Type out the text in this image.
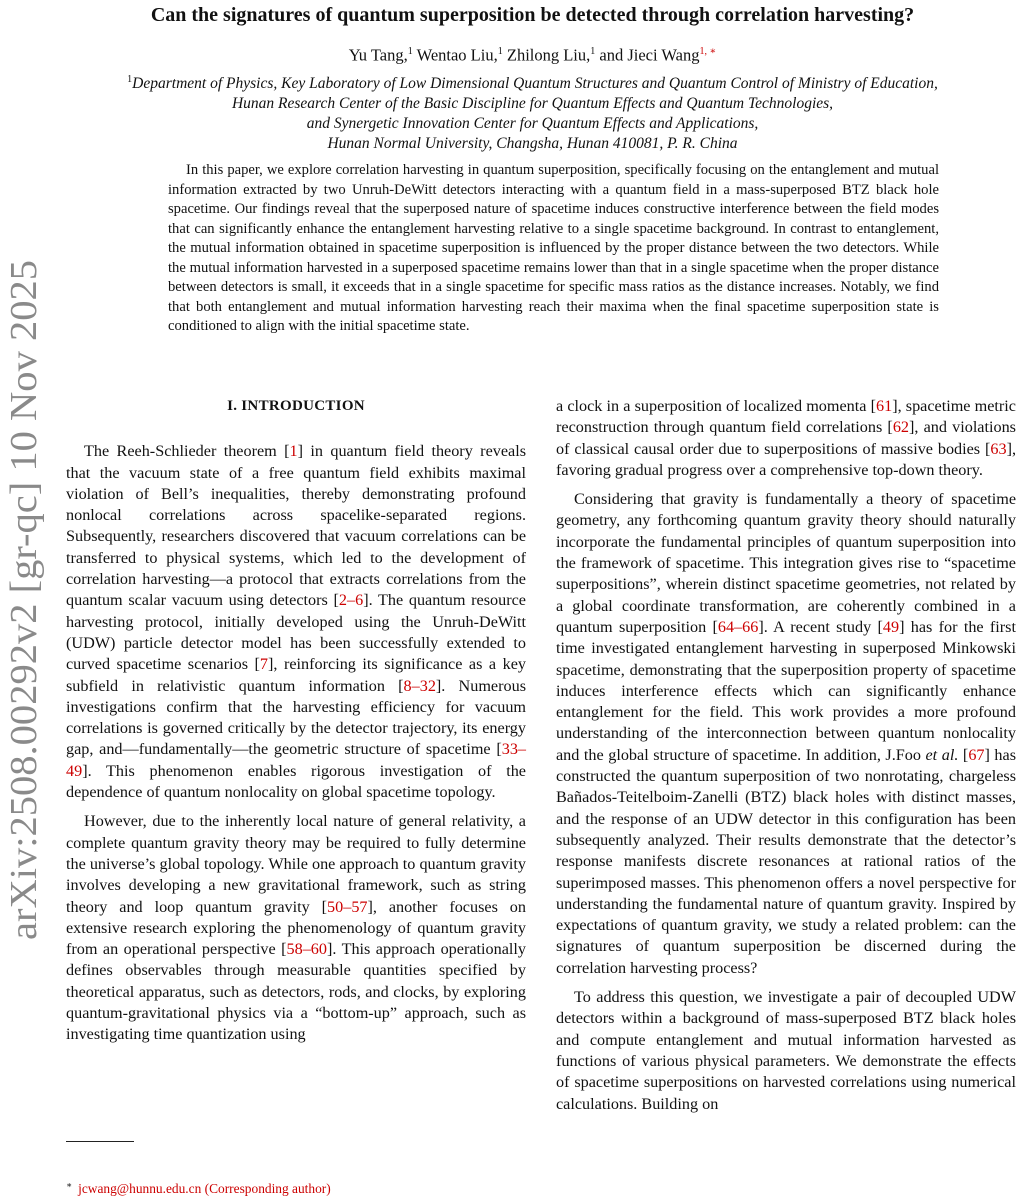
arXiv:2508.00292v2 [gr-qc] 10 Nov 2025
Can the signatures of quantum superposition be detected through correlation harvesting?
Yu Tang,$^1$ Wentao Liu,$^1$ Zhilong Liu,$^1$ and Jieci Wang$^{1, ∗}$
$^1$Department of Physics, Key Laboratory of Low Dimensional Quantum Structures and Quantum Control of Ministry of Education,
Hunan Research Center of the Basic Discipline for Quantum Effects and Quantum Technologies,
and Synergetic Innovation Center for Quantum Effects and Applications,
Hunan Normal University, Changsha, Hunan 410081, P. R. China

In this paper, we explore correlation harvesting in quantum superposition, specifically focusing on the entanglement and mutual information extracted by two Unruh-DeWitt detectors interacting with a quantum field in a mass-superposed BTZ black hole spacetime. Our findings reveal that the superposed nature of spacetime induces constructive interference between the field modes that can significantly enhance the entanglement harvesting relative to a single spacetime background. In contrast to entanglement, the mutual information obtained in spacetime superposition is influenced by the proper distance between the two detectors. While the mutual information harvested in a superposed spacetime remains lower than that in a single spacetime when the proper distance between detectors is small, it exceeds that in a single spacetime for specific mass ratios as the distance increases. Notably, we find that both entanglement and mutual information harvesting reach their maxima when the final spacetime superposition state is conditioned to align with the initial spacetime state.

I. INTRODUCTION

The Reeh-Schlieder theorem [1] in quantum field theory reveals that the vacuum state of a free quantum field exhibits maximal violation of Bell’s inequalities, thereby demonstrating profound nonlocal correlations across spacelike-separated regions. Subsequently, researchers discovered that vacuum correlations can be transferred to physical systems, which led to the development of correlation harvesting—a protocol that extracts correlations from the quantum scalar vacuum using detectors [2–6]. The quantum resource harvesting protocol, initially developed using the Unruh-DeWitt (UDW) particle detector model has been successfully extended to curved spacetime scenarios [7], reinforcing its significance as a key subfield in relativistic quantum information [8–32]. Numerous investigations confirm that the harvesting efficiency for vacuum correlations is governed critically by the detector trajectory, its energy gap, and—fundamentally—the geometric structure of spacetime [33–49]. This phenomenon enables rigorous investigation of the dependence of quantum nonlocality on global spacetime topology.

However, due to the inherently local nature of general relativity, a complete quantum gravity theory may be required to fully determine the universe’s global topology. While one approach to quantum gravity involves developing a new gravitational framework, such as string theory and loop quantum gravity [50–57], another focuses on extensive research exploring the phenomenology of quantum gravity from an operational perspective [58–60]. This approach operationally defines observables through measurable quantities specified by theoretical apparatus, such as detectors, rods, and clocks, by exploring quantum-gravitational physics via a “bottom-up” approach, such as investigating time quantization using

a clock in a superposition of localized momenta [61], spacetime metric reconstruction through quantum field correlations [62], and violations of classical causal order due to superpositions of massive bodies [63], favoring gradual progress over a comprehensive top-down theory.

Considering that gravity is fundamentally a theory of spacetime geometry, any forthcoming quantum gravity theory should naturally incorporate the fundamental principles of quantum superposition into the framework of spacetime. This integration gives rise to “spacetime superpositions”, wherein distinct spacetime geometries, not related by a global coordinate transformation, are coherently combined in a quantum superposition [64–66]. A recent study [49] has for the first time investigated entanglement harvesting in superposed Minkowski spacetime, demonstrating that the superposition property of spacetime induces interference effects which can significantly enhance entanglement for the field. This work provides a more profound understanding of the interconnection between quantum nonlocality and the global structure of spacetime. In addition, J.Foo et al. [67] has constructed the quantum superposition of two nonrotating, chargeless Bañados-Teitelboim-Zanelli (BTZ) black holes with distinct masses, and the response of an UDW detector in this configuration has been subsequently analyzed. Their results demonstrate that the detector’s response manifests discrete resonances at rational ratios of the superimposed masses. This phenomenon offers a novel perspective for understanding the fundamental nature of quantum gravity. Inspired by expectations of quantum gravity, we study a related problem: can the signatures of quantum superposition be discerned during the correlation harvesting process?

To address this question, we investigate a pair of decoupled UDW detectors within a background of mass-superposed BTZ black holes and compute entanglement and mutual information harvested as functions of various physical parameters. We demonstrate the effects of spacetime superpositions on harvested correlations using numerical calculations. Building on

∗ jcwang@hunnu.edu.cn (Corresponding author)
